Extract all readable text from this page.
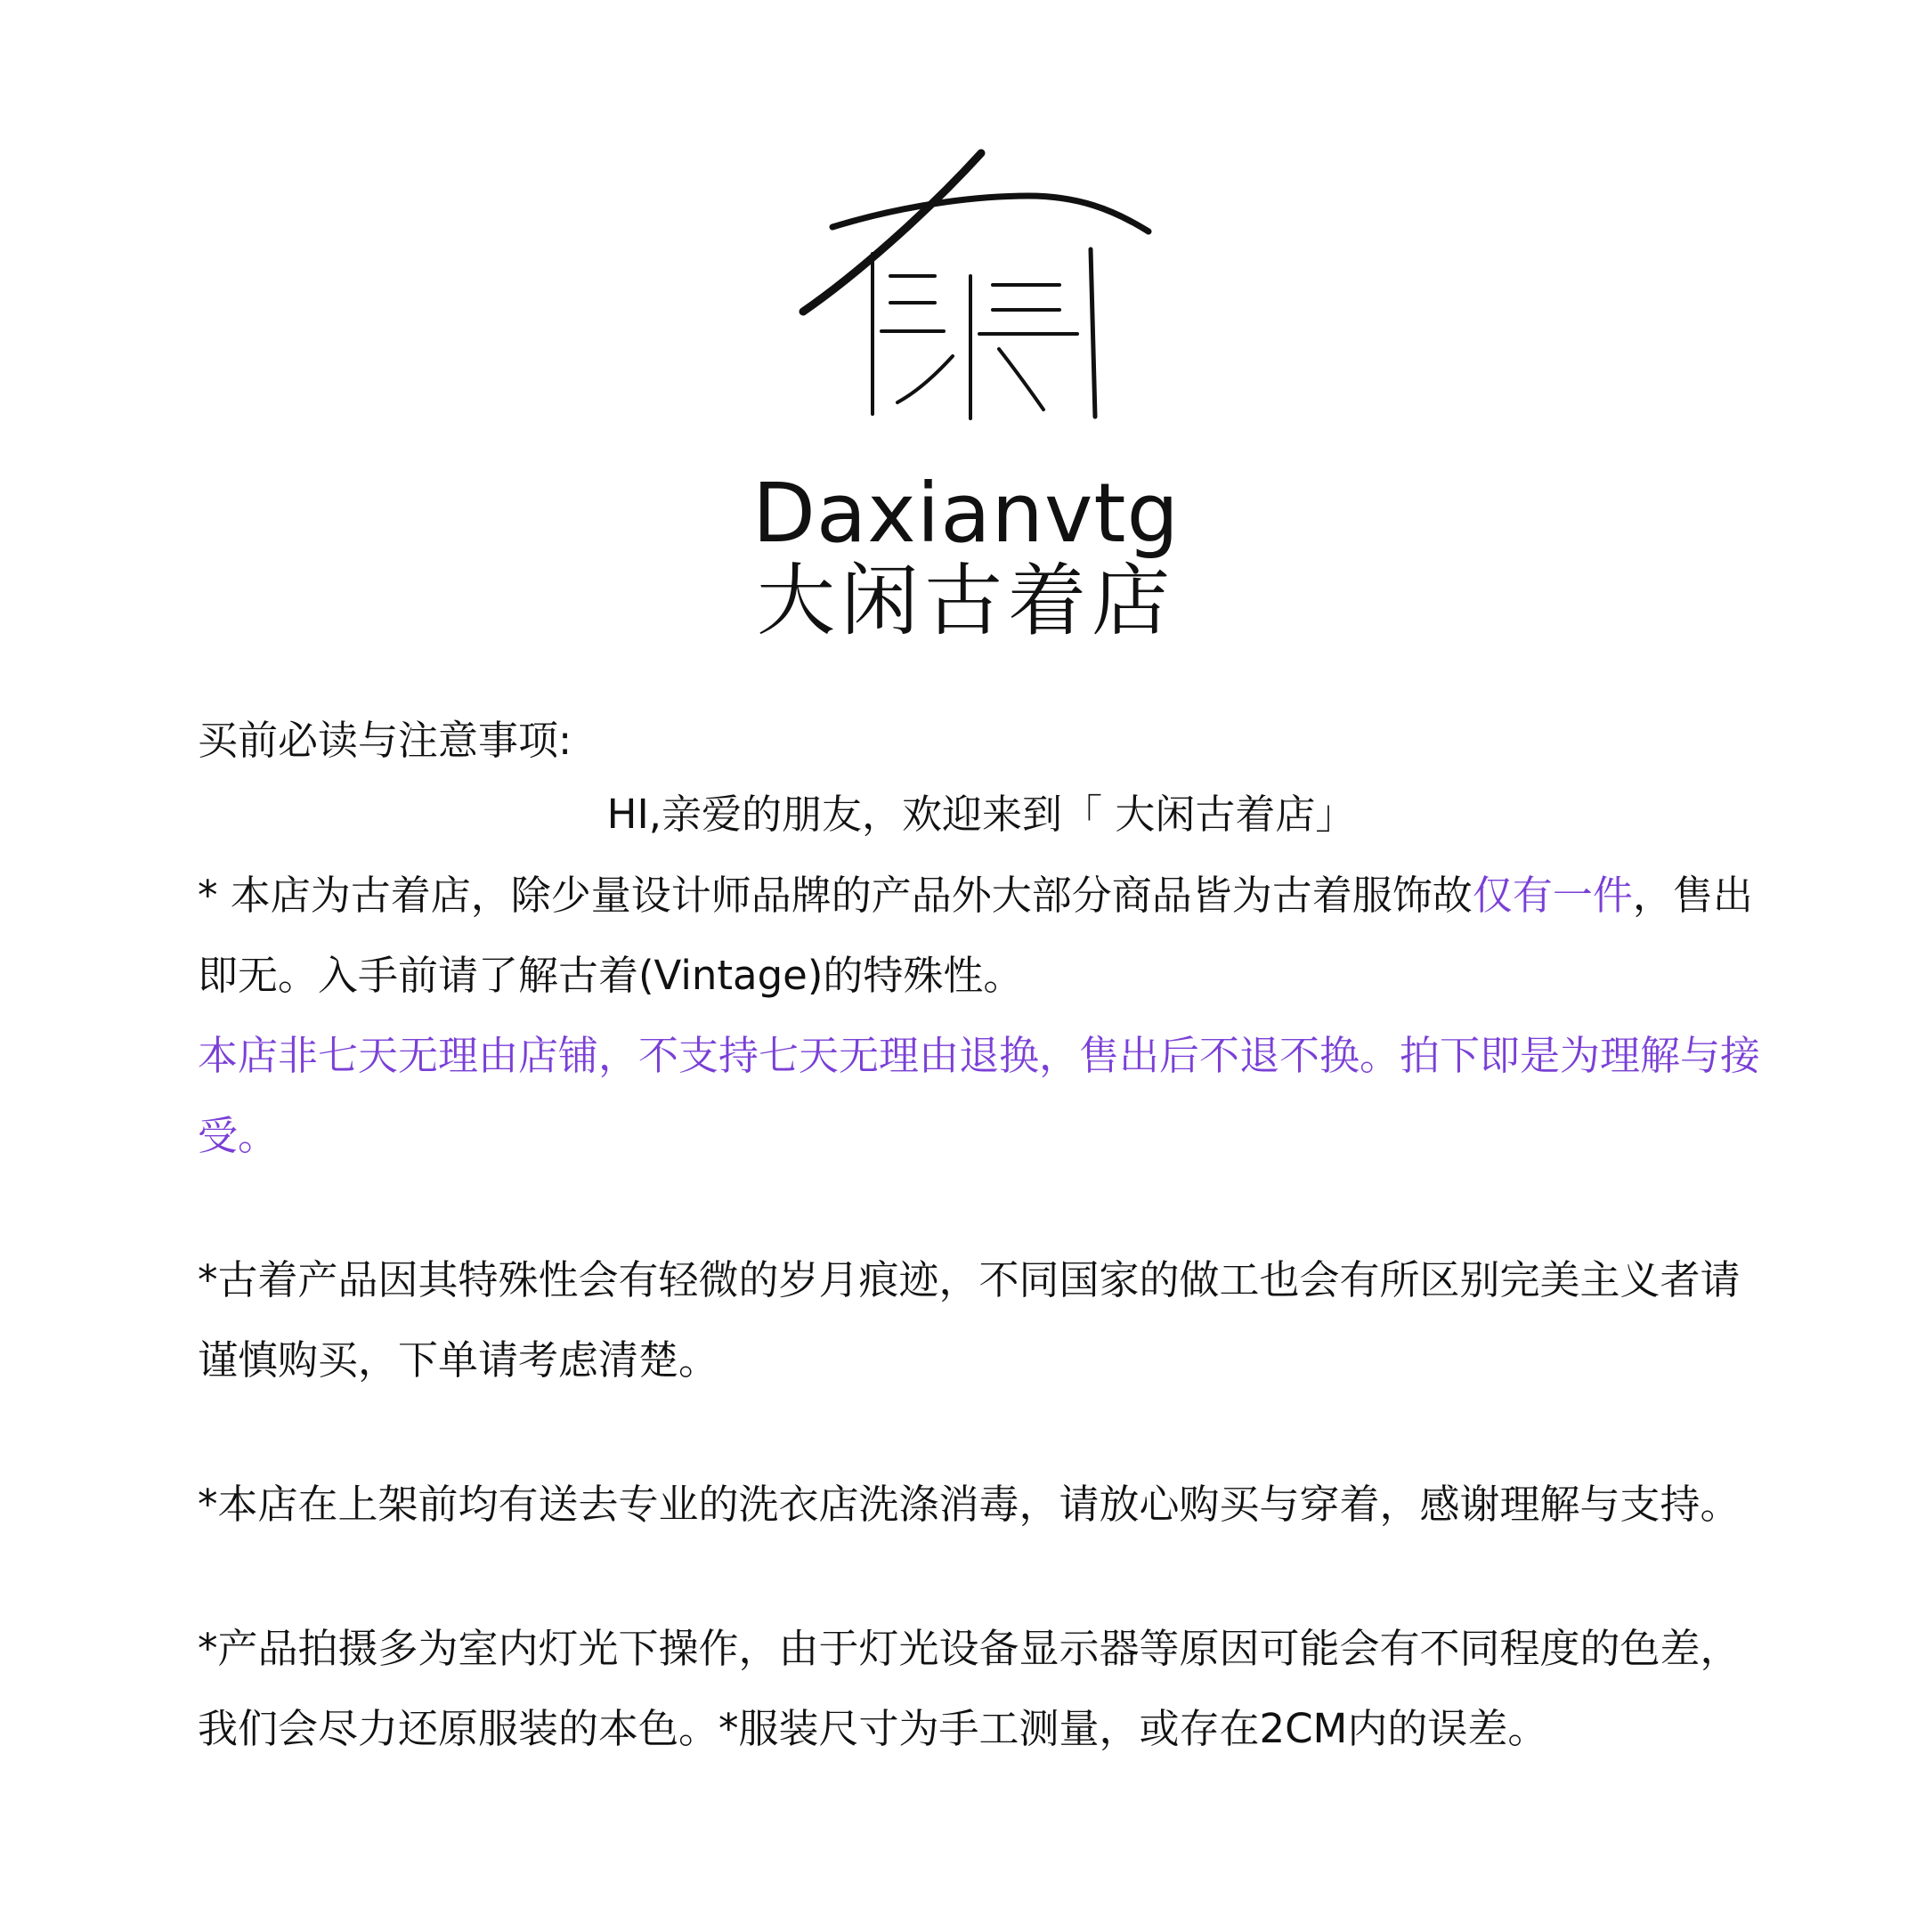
Daxianvtg
大闲古着店

买前必读与注意事项:

HI,亲爱的朋友，欢迎来到「 大闲古着店」

* 本店为古着店，除少量设计师品牌的产品外大部分商品皆为古着服饰故仅有一件，售出即无。入手前请了解古着(Vintage)的特殊性。

本店非七天无理由店铺，不支持七天无理由退换，售出后不退不换。拍下即是为理解与接受。

*古着产品因其特殊性会有轻微的岁月痕迹，不同国家的做工也会有所区别完美主义者请谨慎购买，下单请考虑清楚。

*本店在上架前均有送去专业的洗衣店洗涤消毒，请放心购买与穿着，感谢理解与支持。

*产品拍摄多为室内灯光下操作，由于灯光设备显示器等原因可能会有不同程度的色差，我们会尽力还原服装的本色。*服装尺寸为手工测量，或存在2CM内的误差。
